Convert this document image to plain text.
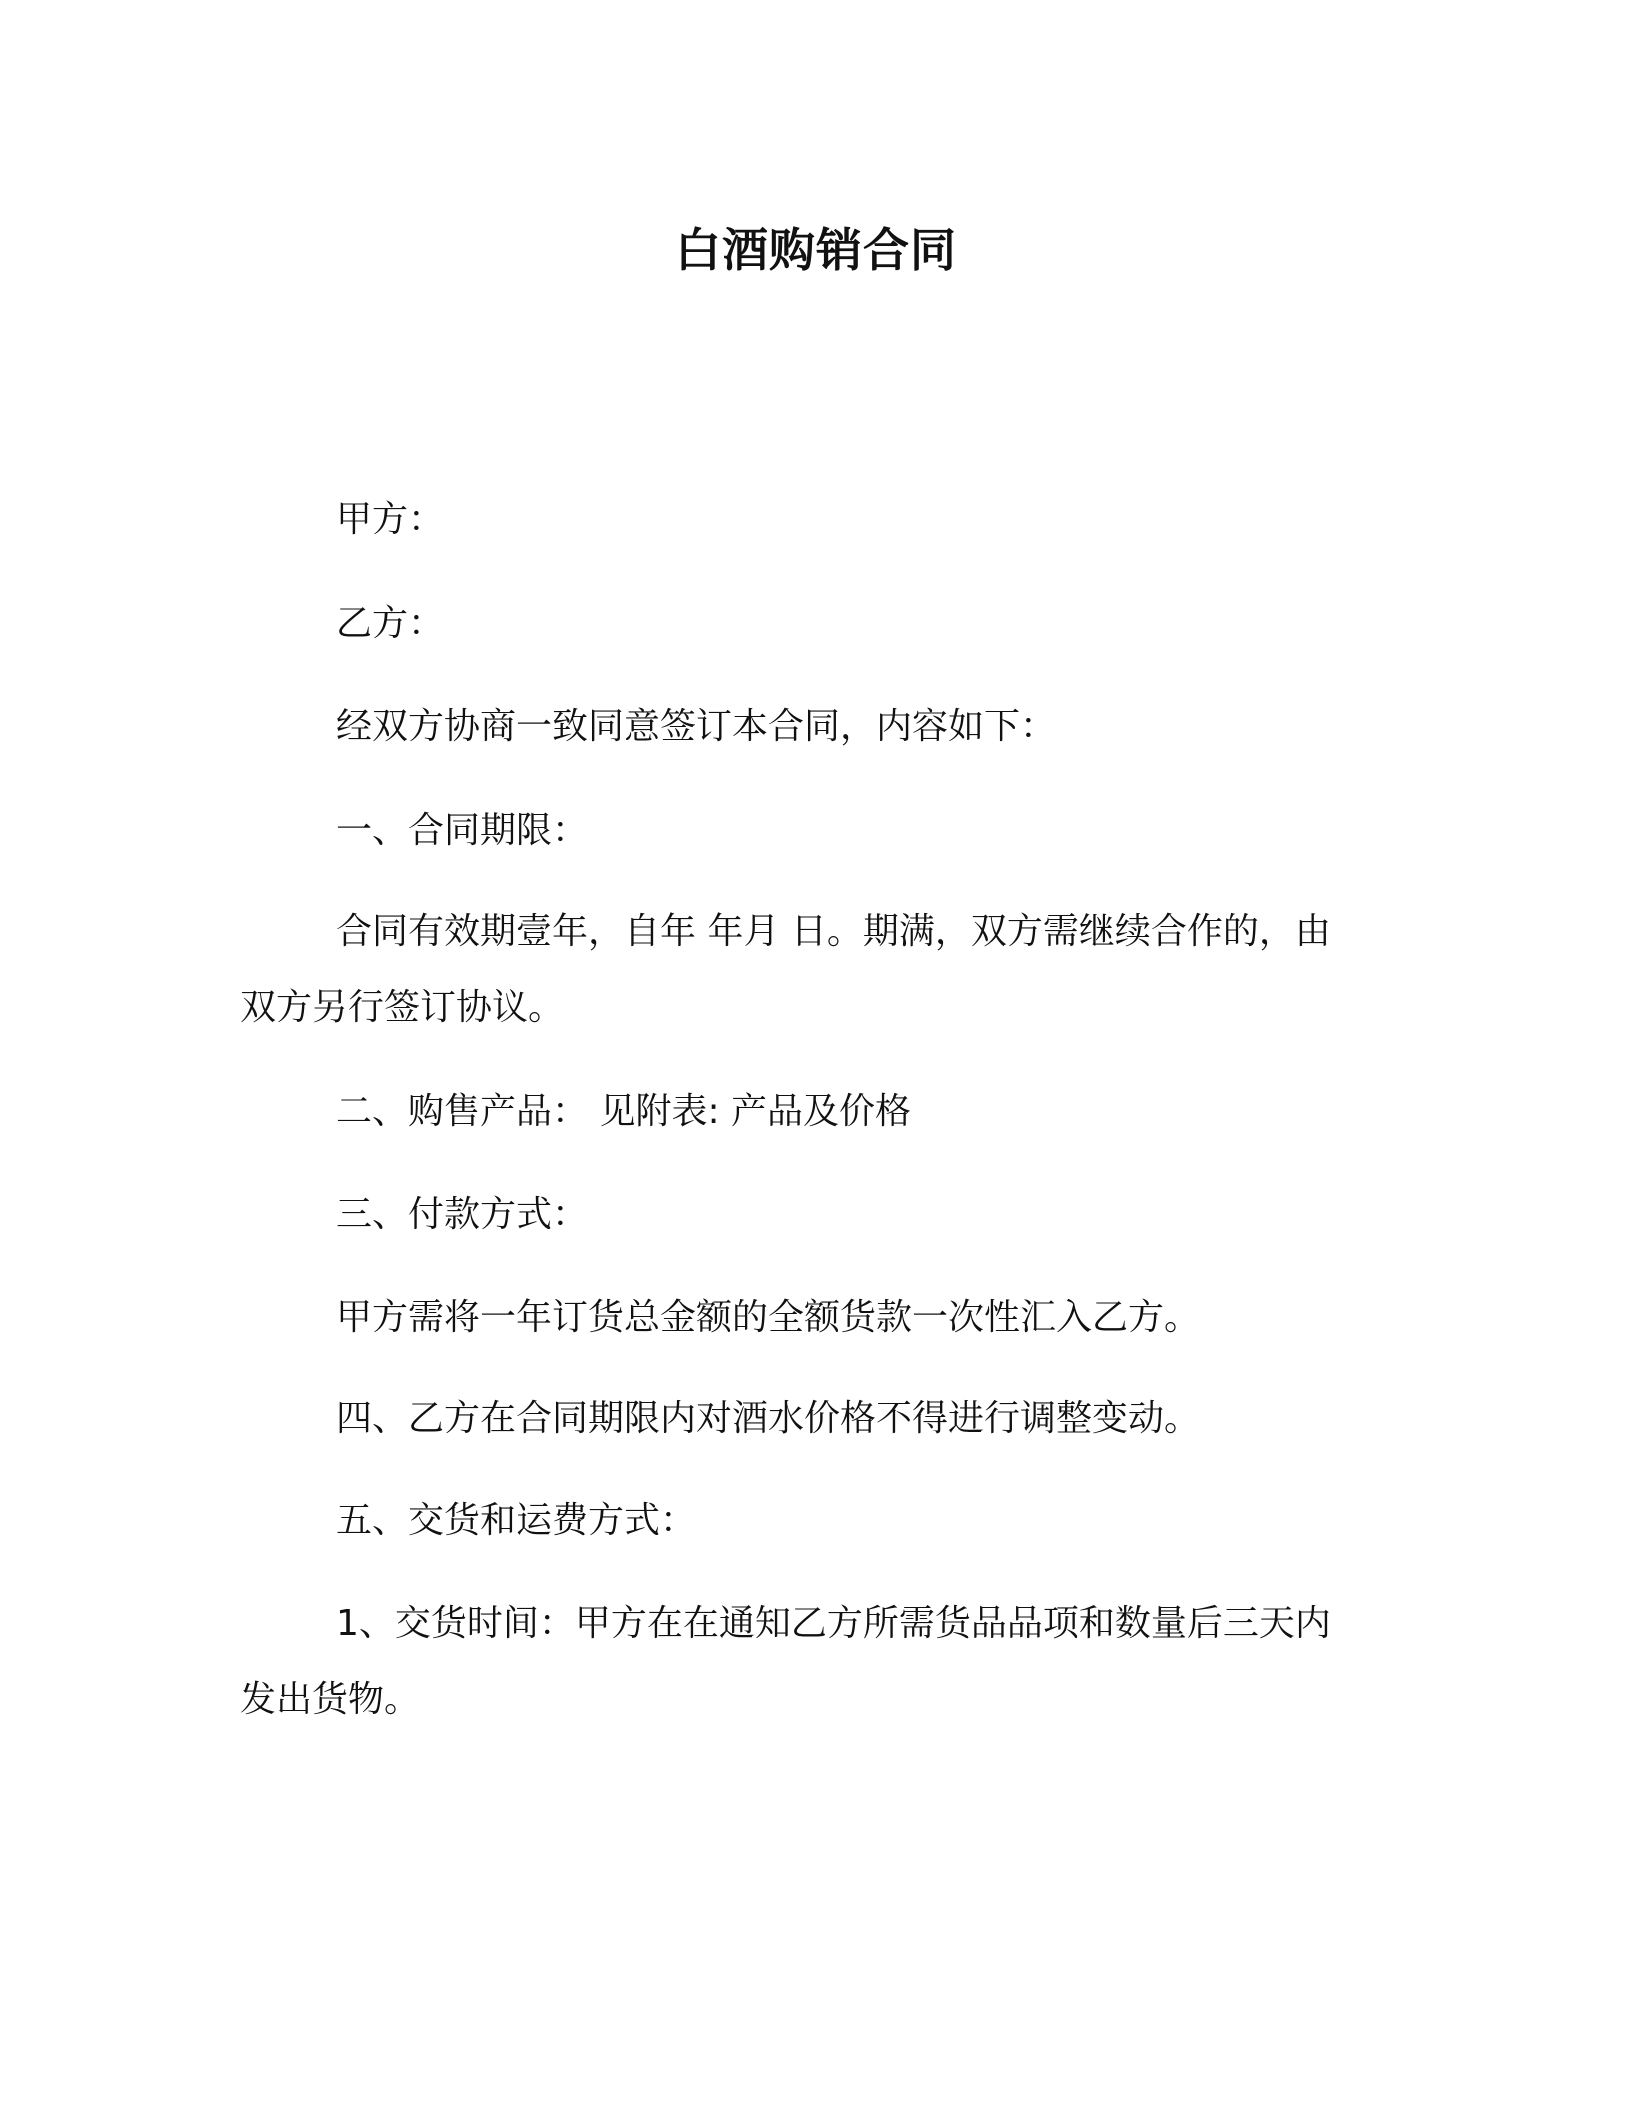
白酒购销合同

甲方：

乙方：

经双方协商一致同意签订本合同，内容如下：

一、合同期限：

合同有效期壹年，自年 年月 日。期满，双方需继续合作的，由

双方另行签订协议。

二、购售产品： 见附表: 产品及价格

三、付款方式：

甲方需将一年订货总金额的全额货款一次性汇入乙方。

四、乙方在合同期限内对酒水价格不得进行调整变动。

五、交货和运费方式：

1、交货时间：甲方在在通知乙方所需货品品项和数量后三天内

发出货物。
